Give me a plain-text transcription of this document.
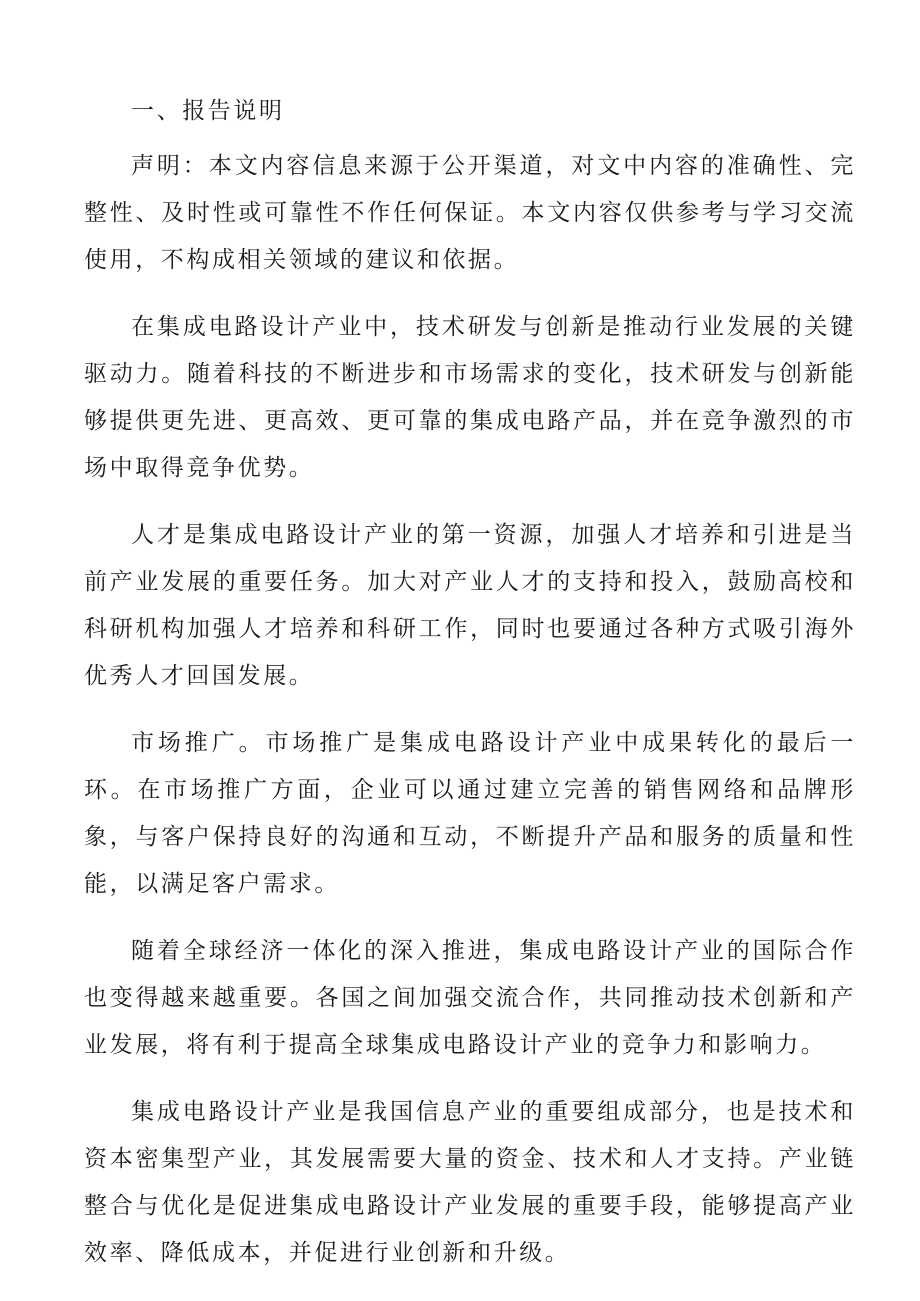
一、报告说明

声明：本文内容信息来源于公开渠道，对文中内容的准确性、完整性、及时性或可靠性不作任何保证。本文内容仅供参考与学习交流使用，不构成相关领域的建议和依据。

在集成电路设计产业中，技术研发与创新是推动行业发展的关键驱动力。随着科技的不断进步和市场需求的变化，技术研发与创新能够提供更先进、更高效、更可靠的集成电路产品，并在竞争激烈的市场中取得竞争优势。

人才是集成电路设计产业的第一资源，加强人才培养和引进是当前产业发展的重要任务。加大对产业人才的支持和投入，鼓励高校和科研机构加强人才培养和科研工作，同时也要通过各种方式吸引海外优秀人才回国发展。

市场推广。市场推广是集成电路设计产业中成果转化的最后一环。在市场推广方面，企业可以通过建立完善的销售网络和品牌形象，与客户保持良好的沟通和互动，不断提升产品和服务的质量和性能，以满足客户需求。

随着全球经济一体化的深入推进，集成电路设计产业的国际合作也变得越来越重要。各国之间加强交流合作，共同推动技术创新和产业发展，将有利于提高全球集成电路设计产业的竞争力和影响力。

集成电路设计产业是我国信息产业的重要组成部分，也是技术和资本密集型产业，其发展需要大量的资金、技术和人才支持。产业链整合与优化是促进集成电路设计产业发展的重要手段，能够提高产业效率、降低成本，并促进行业创新和升级。
